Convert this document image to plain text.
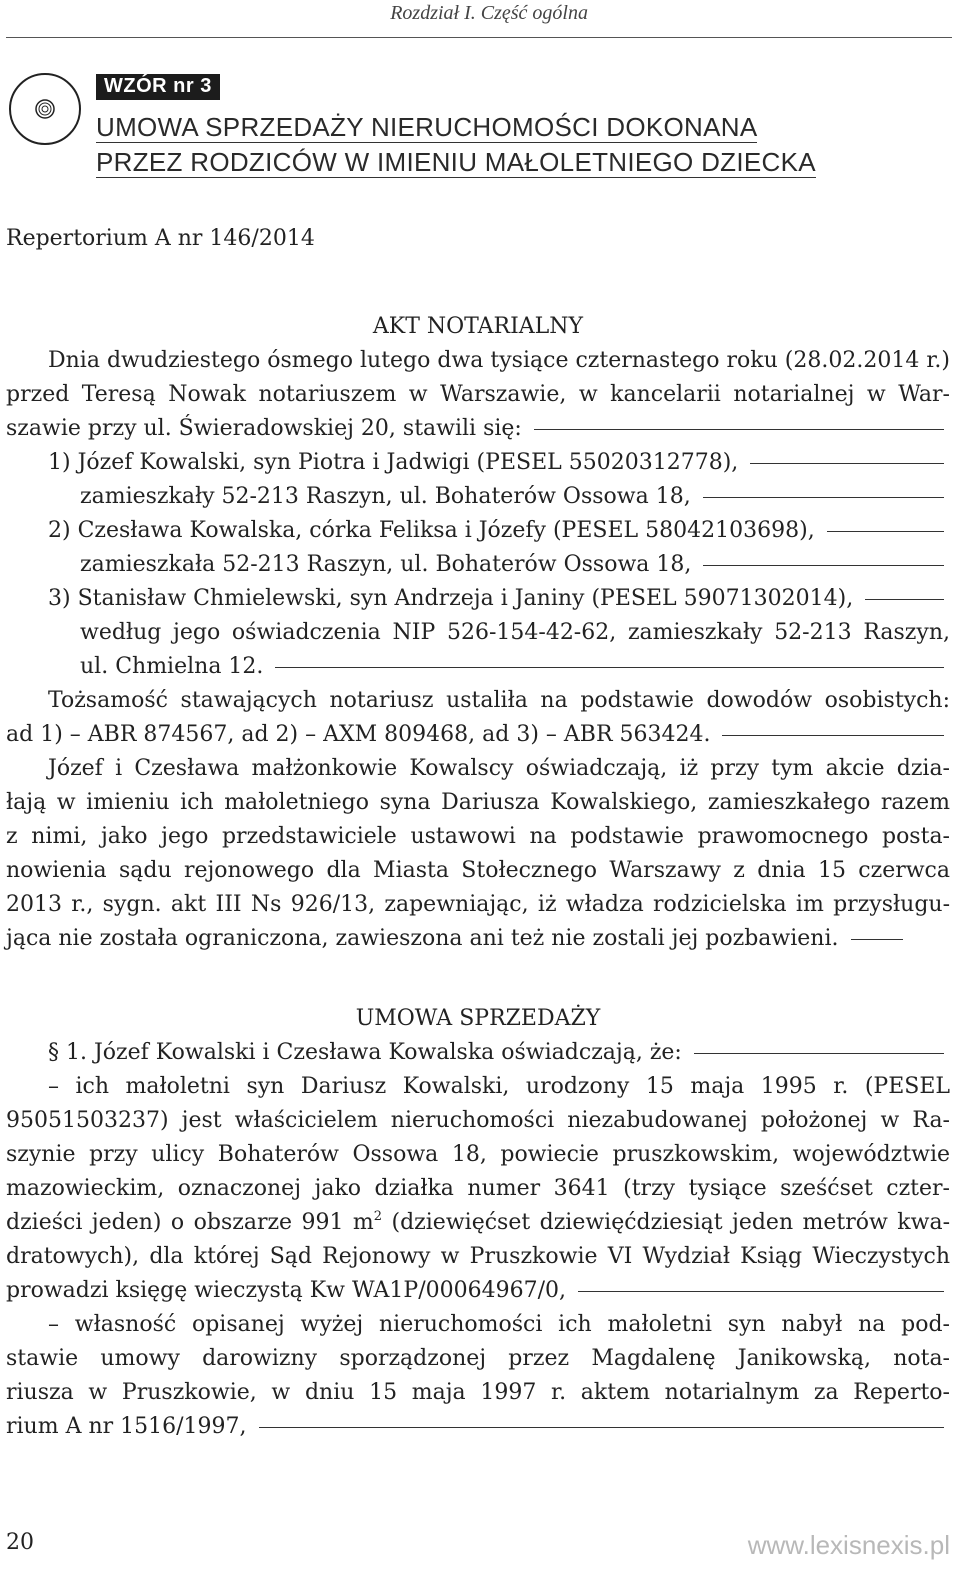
Rozdział I. Część ogólna
WZÓR nr 3
UMOWA SPRZEDAŻY NIERUCHOMOŚCI DOKONANA
PRZEZ RODZICÓW W IMIENIU MAŁOLETNIEGO DZIECKA
Repertorium A nr 146/2014
AKT NOTARIALNY
Dnia dwudziestego ósmego lutego dwa tysiące czternastego roku (28.02.2014 r.)
przed Teresą Nowak notariuszem w Warszawie, w kancelarii notarialnej w War-
szawie przy ul. Świeradowskiej 20, stawili się:
1) Józef Kowalski, syn Piotra i Jadwigi (PESEL 55020312778),
zamieszkały 52-213 Raszyn, ul. Bohaterów Ossowa 18,
2) Czesława Kowalska, córka Feliksa i Józefy (PESEL 58042103698),
zamieszkała 52-213 Raszyn, ul. Bohaterów Ossowa 18,
3) Stanisław Chmielewski, syn Andrzeja i Janiny (PESEL 59071302014),
według jego oświadczenia NIP 526-154-42-62, zamieszkały 52-213 Raszyn,
ul. Chmielna 12.
Tożsamość stawających notariusz ustaliła na podstawie dowodów osobistych:
ad 1) – ABR 874567, ad 2) – AXM 809468, ad 3) – ABR 563424.
Józef i Czesława małżonkowie Kowalscy oświadczają, iż przy tym akcie dzia-
łają w imieniu ich małoletniego syna Dariusza Kowalskiego, zamieszkałego razem
z nimi, jako jego przedstawiciele ustawowi na podstawie prawomocnego posta-
nowienia sądu rejonowego dla Miasta Stołecznego Warszawy z dnia 15 czerwca
2013 r., sygn. akt III Ns 926/13, zapewniając, iż władza rodzicielska im przysługu-
jąca nie została ograniczona, zawieszona ani też nie zostali jej pozbawieni.
UMOWA SPRZEDAŻY
§ 1. Józef Kowalski i Czesława Kowalska oświadczają, że:
– ich małoletni syn Dariusz Kowalski, urodzony 15 maja 1995 r. (PESEL
95051503237) jest właścicielem nieruchomości niezabudowanej położonej w Ra-
szynie przy ulicy Bohaterów Ossowa 18, powiecie pruszkowskim, województwie
mazowieckim, oznaczonej jako działka numer 3641 (trzy tysiące sześćset czter-
dzieści jeden) o obszarze 991 $m^2$ (dziewięćset dziewięćdziesiąt jeden metrów kwa-
dratowych), dla której Sąd Rejonowy w Pruszkowie VI Wydział Ksiąg Wieczystych
prowadzi księgę wieczystą Kw WA1P/00064967/0,
– własność opisanej wyżej nieruchomości ich małoletni syn nabył na pod-
stawie umowy darowizny sporządzonej przez Magdalenę Janikowską, nota-
riusza w Pruszkowie, w dniu 15 maja 1997 r. aktem notarialnym za Reperto-
rium A nr 1516/1997,
20	www.lexisnexis.pl
